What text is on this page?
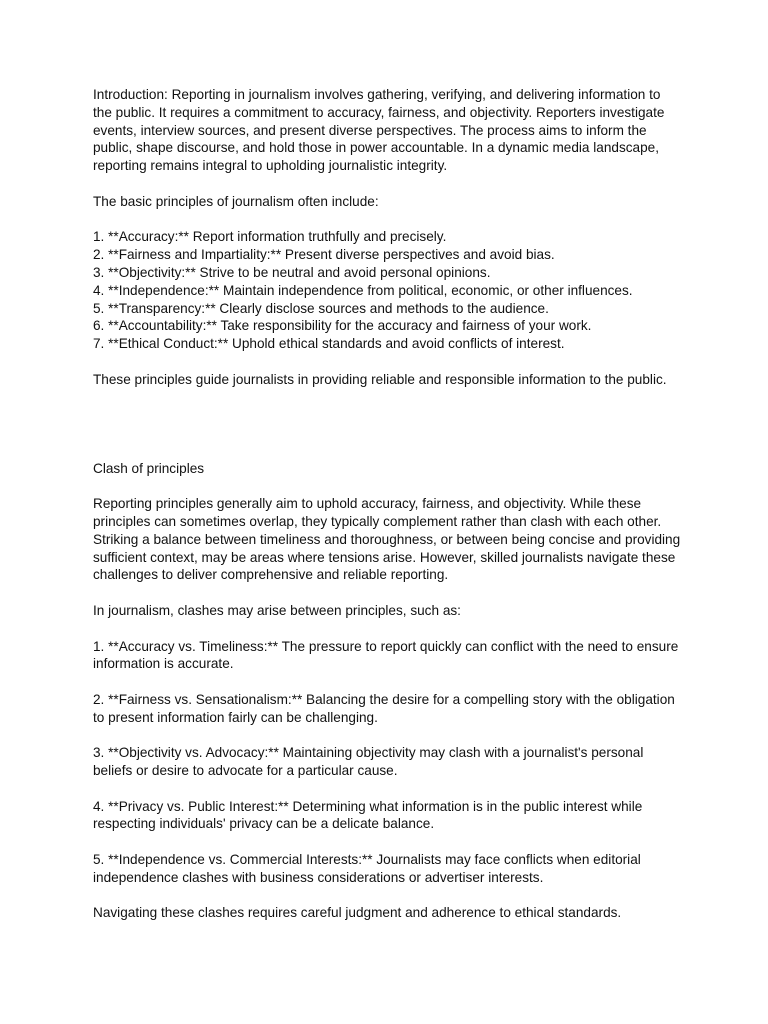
Introduction: Reporting in journalism involves gathering, verifying, and delivering information to the public. It requires a commitment to accuracy, fairness, and objectivity. Reporters investigate events, interview sources, and present diverse perspectives. The process aims to inform the public, shape discourse, and hold those in power accountable. In a dynamic media landscape, reporting remains integral to upholding journalistic integrity.

The basic principles of journalism often include:

1. **Accuracy:** Report information truthfully and precisely.
2. **Fairness and Impartiality:** Present diverse perspectives and avoid bias.
3. **Objectivity:** Strive to be neutral and avoid personal opinions.
4. **Independence:** Maintain independence from political, economic, or other influences.
5. **Transparency:** Clearly disclose sources and methods to the audience.
6. **Accountability:** Take responsibility for the accuracy and fairness of your work.
7. **Ethical Conduct:** Uphold ethical standards and avoid conflicts of interest.

These principles guide journalists in providing reliable and responsible information to the public.

Clash of principles

Reporting principles generally aim to uphold accuracy, fairness, and objectivity. While these principles can sometimes overlap, they typically complement rather than clash with each other. Striking a balance between timeliness and thoroughness, or between being concise and providing sufficient context, may be areas where tensions arise. However, skilled journalists navigate these challenges to deliver comprehensive and reliable reporting.

In journalism, clashes may arise between principles, such as:

1. **Accuracy vs. Timeliness:** The pressure to report quickly can conflict with the need to ensure information is accurate.
2. **Fairness vs. Sensationalism:** Balancing the desire for a compelling story with the obligation to present information fairly can be challenging.
3. **Objectivity vs. Advocacy:** Maintaining objectivity may clash with a journalist's personal beliefs or desire to advocate for a particular cause.
4. **Privacy vs. Public Interest:** Determining what information is in the public interest while respecting individuals' privacy can be a delicate balance.
5. **Independence vs. Commercial Interests:** Journalists may face conflicts when editorial independence clashes with business considerations or advertiser interests.

Navigating these clashes requires careful judgment and adherence to ethical standards.
